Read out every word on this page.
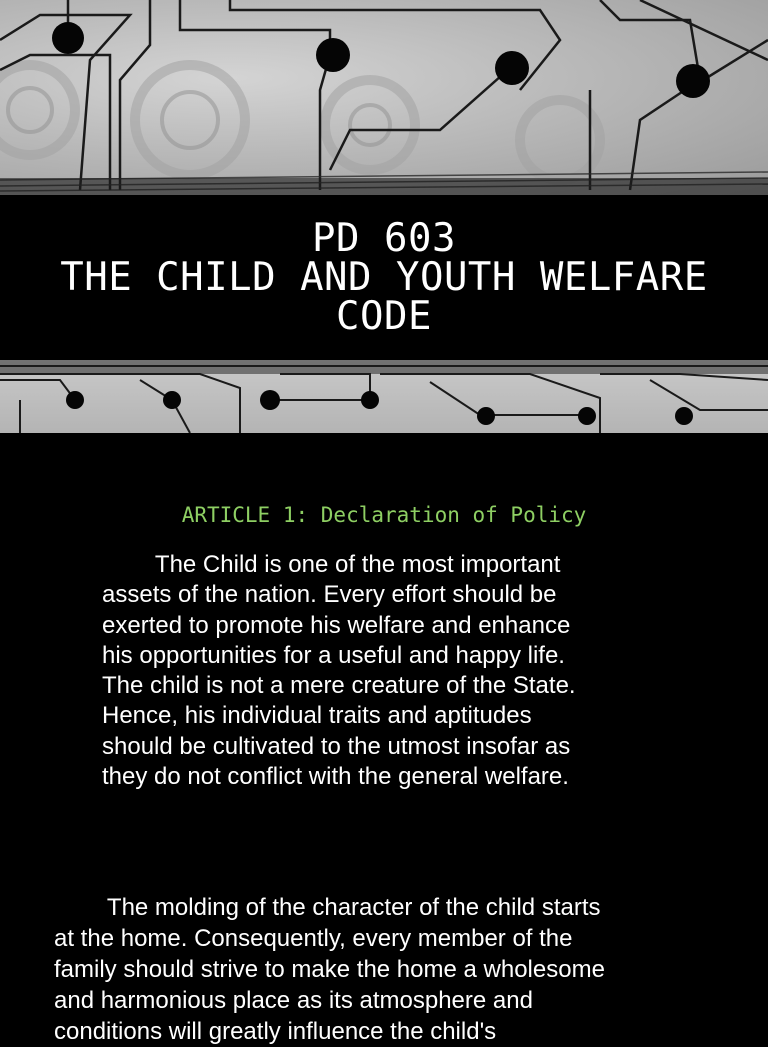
PD 603
THE CHILD AND YOUTH WELFARE
CODE
ARTICLE 1: Declaration of Policy
The Child is one of the most important
assets of the nation. Every effort should be
exerted to promote his welfare and enhance
his opportunities for a useful and happy life.
The child is not a mere creature of the State.
Hence, his individual traits and aptitudes
should be cultivated to the utmost insofar as
they do not conflict with the general welfare.
The molding of the character of the child starts
at the home. Consequently, every member of the
family should strive to make the home a wholesome
and harmonious place as its atmosphere and
conditions will greatly influence the child's
